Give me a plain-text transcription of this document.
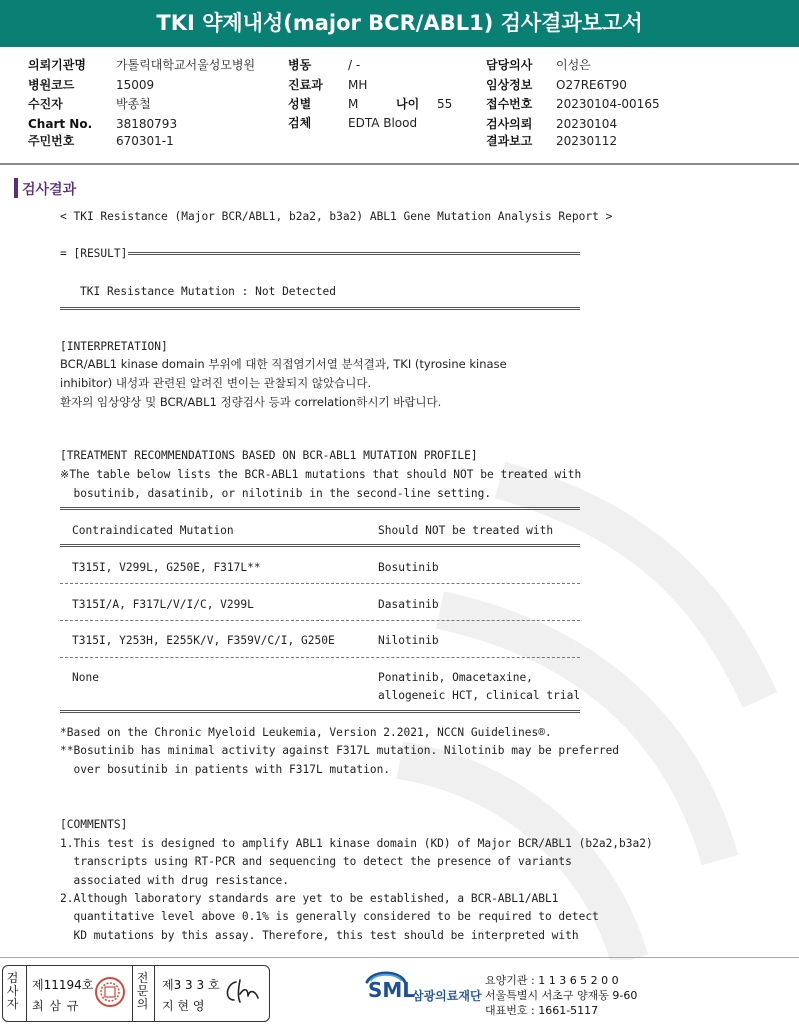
TKI 약제내성(major BCR/ABL1) 검사결과보고서
의뢰기관명	가톨릭대학교서울성모병원
병원코드	15009
수진자	박종철
Chart No. 38180793
주민번호	670301-1
병동	/ -
진료과 MH
성별	M	나이 55
검체	EDTA Blood
담당의사 이성은
임상정보 O27RE6T90
접수번호 20230104-00165
검사의뢰 20230104
결과보고 20230112
검사결과
< TKI Resistance (Major BCR/ABL1, b2a2, b3a2) ABL1 Gene Mutation Analysis Report >
= [RESULT]
TKI Resistance Mutation : Not Detected
[INTERPRETATION]
BCR/ABL1 kinase domain 부위에 대한 직접염기서열 분석결과, TKI (tyrosine kinase
inhibitor) 내성과 관련된 알려진 변이는 관찰되지 않았습니다.
환자의 임상양상 및 BCR/ABL1 정량검사 등과 correlation하시기 바랍니다.
[TREATMENT RECOMMENDATIONS BASED ON BCR-ABL1 MUTATION PROFILE]
※The table below lists the BCR-ABL1 mutations that should NOT be treated with
bosutinib, dasatinib, or nilotinib in the second-line setting.
Contraindicated Mutation	Should NOT be treated with
T315I, V299L, G250E, F317L**	Bosutinib
T315I/A, F317L/V/I/C, V299L	Dasatinib
T315I, Y253H, E255K/V, F359V/C/I, G250E	Nilotinib
None	Ponatinib, Omacetaxine,
allogeneic HCT, clinical trial
*Based on the Chronic Myeloid Leukemia, Version 2.2021, NCCN Guidelines®.
**Bosutinib has minimal activity against F317L mutation. Nilotinib may be preferred
over bosutinib in patients with F317L mutation.
[COMMENTS]
1.This test is designed to amplify ABL1 kinase domain (KD) of Major BCR/ABL1 (b2a2,b3a2)
transcripts using RT-PCR and sequencing to detect the presence of variants
associated with drug resistance.
2.Although laboratory standards are yet to be established, a BCR-ABL1/ABL1
quantitative level above 0.1% is generally considered to be required to detect
KD mutations by this assay. Therefore, this test should be interpreted with
검사자
제11194호
최 삼 규
전문의
제3 3 3 호
지 현 영
SML
삼광의료재단
요양기관 : 1 1 3 6 5 2 0 0
서울특별시 서초구 양재동 9-60
대표번호 : 1661-5117
